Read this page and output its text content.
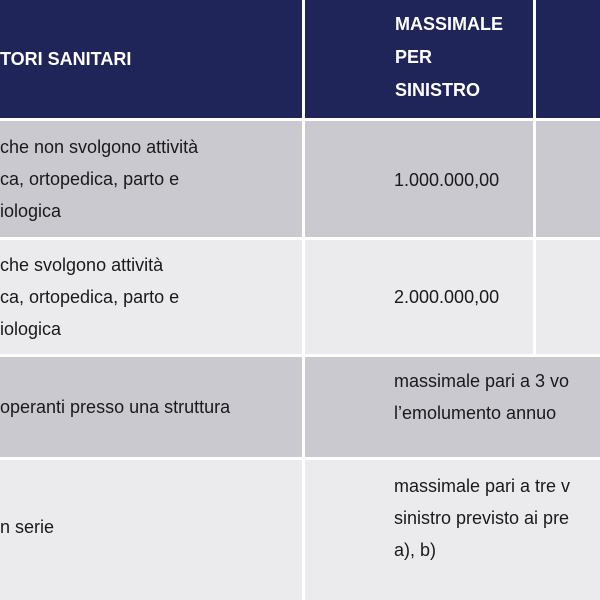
TORI SANITARI
MASSIMALE
PER
SINISTRO
che non svolgono attività
ca, ortopedica, parto e
iologica
1.000.000,00
che svolgono attività
ca, ortopedica, parto e
iologica
2.000.000,00
operanti presso una struttura
massimale pari a 3 vo
l’emolumento annuo
n serie
massimale pari a tre v
sinistro previsto ai pre
a), b)
